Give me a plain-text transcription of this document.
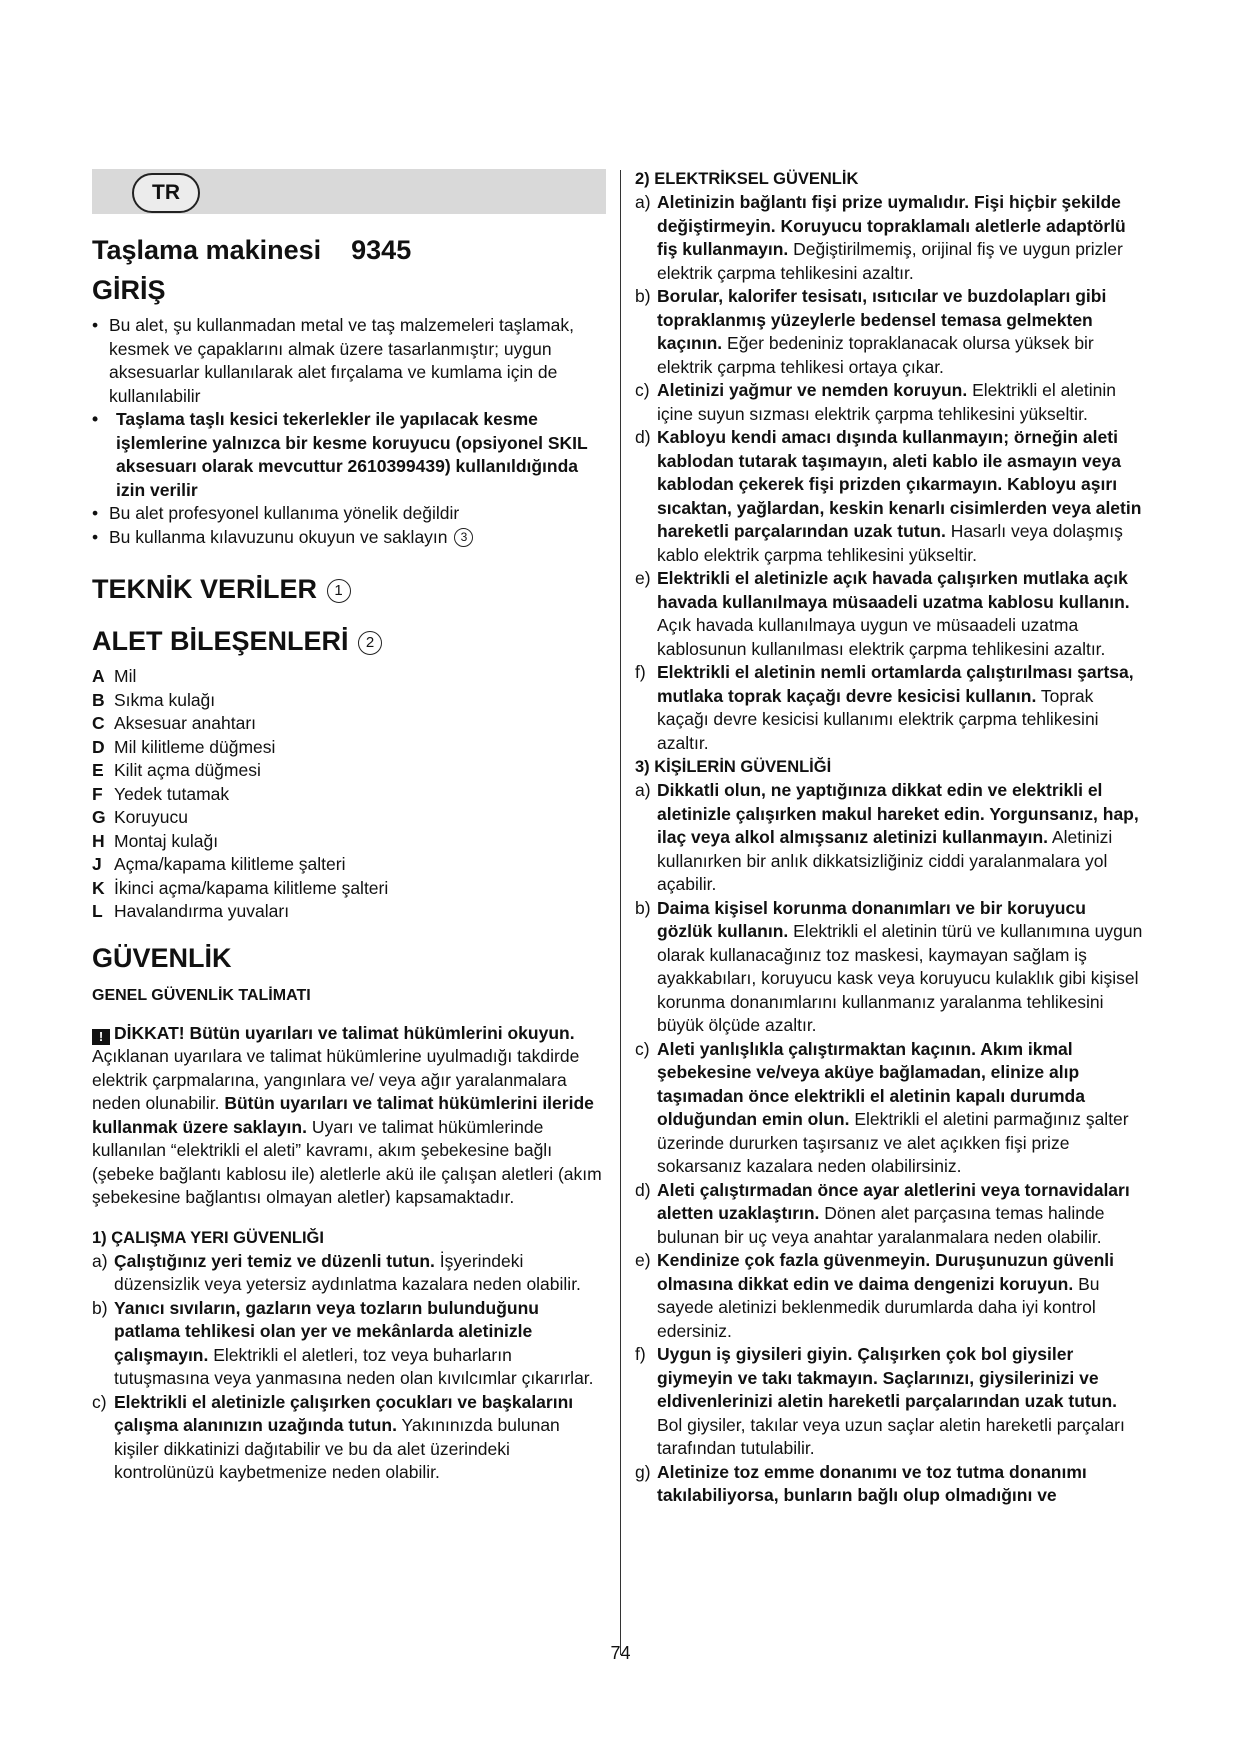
TR
Taşlama makinesi 9345
GİRİŞ
• Bu alet, şu kullanmadan metal ve taş malzemeleri taşlamak, kesmek ve çapaklarını almak üzere tasarlanmıştır; uygun aksesuarlar kullanılarak alet fırçalama ve kumlama için de kullanılabilir
• Taşlama taşlı kesici tekerlekler ile yapılacak kesme işlemlerine yalnızca bir kesme koruyucu (opsiyonel SKIL aksesuarı olarak mevcuttur 2610399439) kullanıldığında izin verilir
• Bu alet profesyonel kullanıma yönelik değildir
• Bu kullanma kılavuzunu okuyun ve saklayın 3
TEKNİK VERİLER 1
ALET BİLEŞENLERİ 2
A Mil
B Sıkma kulağı
C Aksesuar anahtarı
D Mil kilitleme düğmesi
E Kilit açma düğmesi
F Yedek tutamak
G Koruyucu
H Montaj kulağı
J Açma/kapama kilitleme şalteri
K İkinci açma/kapama kilitleme şalteri
L Havalandırma yuvaları
GÜVENLİK
GENEL GÜVENLİK TALİMATI

! DİKKAT! Bütün uyarıları ve talimat hükümlerini okuyun. Açıklanan uyarılara ve talimat hükümlerine uyulmadığı takdirde elektrik çarpmalarına, yangınlara ve/ veya ağır yaralanmalara neden olunabilir. Bütün uyarıları ve talimat hükümlerini ileride kullanmak üzere saklayın. Uyarı ve talimat hükümlerinde kullanılan “elektrikli el aleti” kavramı, akım şebekesine bağlı (şebeke bağlantı kablosu ile) aletlerle akü ile çalışan aletleri (akım şebekesine bağlantısı olmayan aletler) kapsamaktadır.

1) ÇALIŞMA YERI GÜVENLIĞI
a) Çalıştığınız yeri temiz ve düzenli tutun. İşyerindeki düzensizlik veya yetersiz aydınlatma kazalara neden olabilir.
b) Yanıcı sıvıların, gazların veya tozların bulunduğunu patlama tehlikesi olan yer ve mekânlarda aletinizle çalışmayın. Elektrikli el aletleri, toz veya buharların tutuşmasına veya yanmasına neden olan kıvılcımlar çıkarırlar.
c) Elektrikli el aletinizle çalışırken çocukları ve başkalarını çalışma alanınızın uzağında tutun. Yakınınızda bulunan kişiler dikkatinizi dağıtabilir ve bu da alet üzerindeki kontrolünüzü kaybetmenize neden olabilir.
2) ELEKTRİKSEL GÜVENLİK
a) Aletinizin bağlantı fişi prize uymalıdır. Fişi hiçbir şekilde değiştirmeyin. Koruyucu topraklamalı aletlerle adaptörlü fiş kullanmayın. Değiştirilmemiş, orijinal fiş ve uygun prizler elektrik çarpma tehlikesini azaltır.
b) Borular, kalorifer tesisatı, ısıtıcılar ve buzdolapları gibi topraklanmış yüzeylerle bedensel temasa gelmekten kaçının. Eğer bedeniniz topraklanacak olursa yüksek bir elektrik çarpma tehlikesi ortaya çıkar.
c) Aletinizi yağmur ve nemden koruyun. Elektrikli el aletinin içine suyun sızması elektrik çarpma tehlikesini yükseltir.
d) Kabloyu kendi amacı dışında kullanmayın; örneğin aleti kablodan tutarak taşımayın, aleti kablo ile asmayın veya kablodan çekerek fişi prizden çıkarmayın. Kabloyu aşırı sıcaktan, yağlardan, keskin kenarlı cisimlerden veya aletin hareketli parçalarından uzak tutun. Hasarlı veya dolaşmış kablo elektrik çarpma tehlikesini yükseltir.
e) Elektrikli el aletinizle açık havada çalışırken mutlaka açık havada kullanılmaya müsaadeli uzatma kablosu kullanın. Açık havada kullanılmaya uygun ve müsaadeli uzatma kablosunun kullanılması elektrik çarpma tehlikesini azaltır.
f) Elektrikli el aletinin nemli ortamlarda çalıştırılması şartsa, mutlaka toprak kaçağı devre kesicisi kullanın. Toprak kaçağı devre kesicisi kullanımı elektrik çarpma tehlikesini azaltır.
3) KİŞİLERİN GÜVENLİĞİ
a) Dikkatli olun, ne yaptığınıza dikkat edin ve elektrikli el aletinizle çalışırken makul hareket edin. Yorgunsanız, hap, ilaç veya alkol almışsanız aletinizi kullanmayın. Aletinizi kullanırken bir anlık dikkatsizliğiniz ciddi yaralanmalara yol açabilir.
b) Daima kişisel korunma donanımları ve bir koruyucu gözlük kullanın. Elektrikli el aletinin türü ve kullanımına uygun olarak kullanacağınız toz maskesi, kaymayan sağlam iş ayakkabıları, koruyucu kask veya koruyucu kulaklık gibi kişisel korunma donanımlarını kullanmanız yaralanma tehlikesini büyük ölçüde azaltır.
c) Aleti yanlışlıkla çalıştırmaktan kaçının. Akım ikmal şebekesine ve/veya aküye bağlamadan, elinize alıp taşımadan önce elektrikli el aletinin kapalı durumda olduğundan emin olun. Elektrikli el aletini parmağınız şalter üzerinde dururken taşırsanız ve alet açıkken fişi prize sokarsanız kazalara neden olabilirsiniz.
d) Aleti çalıştırmadan önce ayar aletlerini veya tornavidaları aletten uzaklaştırın. Dönen alet parçasına temas halinde bulunan bir uç veya anahtar yaralanmalara neden olabilir.
e) Kendinize çok fazla güvenmeyin. Duruşunuzun güvenli olmasına dikkat edin ve daima dengenizi koruyun. Bu sayede aletinizi beklenmedik durumlarda daha iyi kontrol edersiniz.
f) Uygun iş giysileri giyin. Çalışırken çok bol giysiler giymeyin ve takı takmayın. Saçlarınızı, giysilerinizi ve eldivenlerinizi aletin hareketli parçalarından uzak tutun. Bol giysiler, takılar veya uzun saçlar aletin hareketli parçaları tarafından tutulabilir.
g) Aletinize toz emme donanımı ve toz tutma donanımı takılabiliyorsa, bunların bağlı olup olmadığını ve
74
